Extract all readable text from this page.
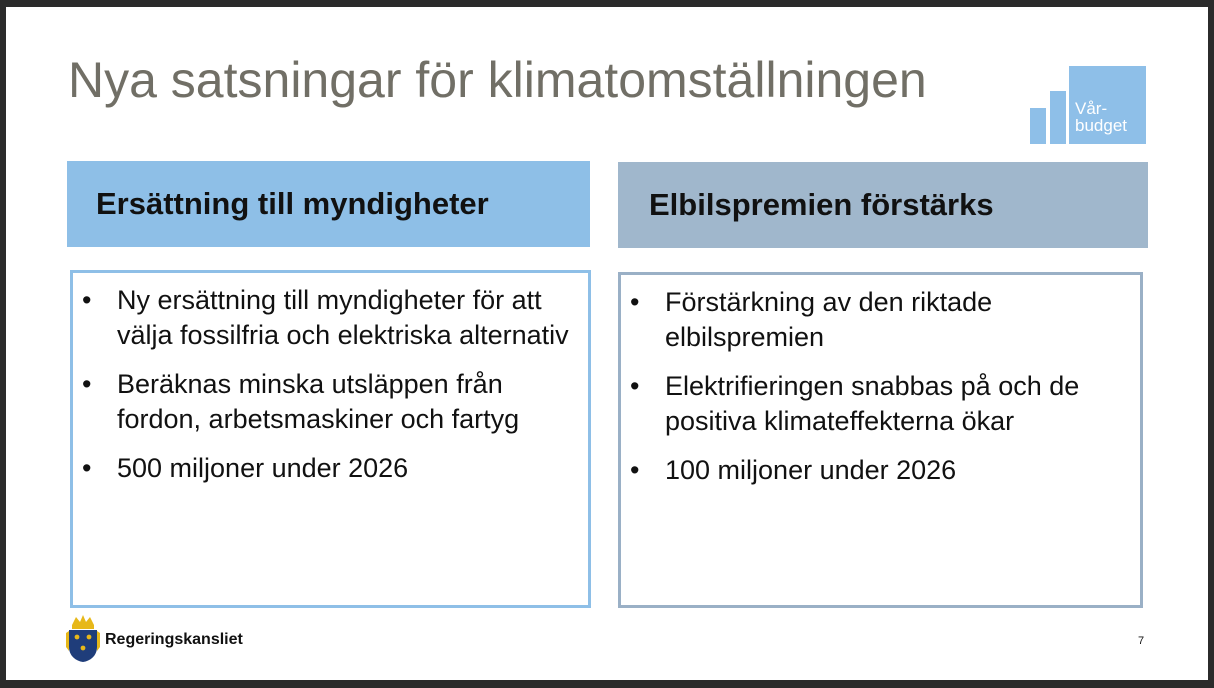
Nya satsningar för klimatomställningen
Vår-
budget
Ersättning till myndigheter	Elbilspremien förstärks
• Ny ersättning till myndigheter för att välja fossilfria och elektriska alternativ
• Beräknas minska utsläppen från fordon, arbetsmaskiner och fartyg
• 500 miljoner under 2026
• Förstärkning av den riktade elbilspremien
• Elektrifieringen snabbas på och de positiva klimateffekterna ökar
• 100 miljoner under 2026
Regeringskansliet	7
